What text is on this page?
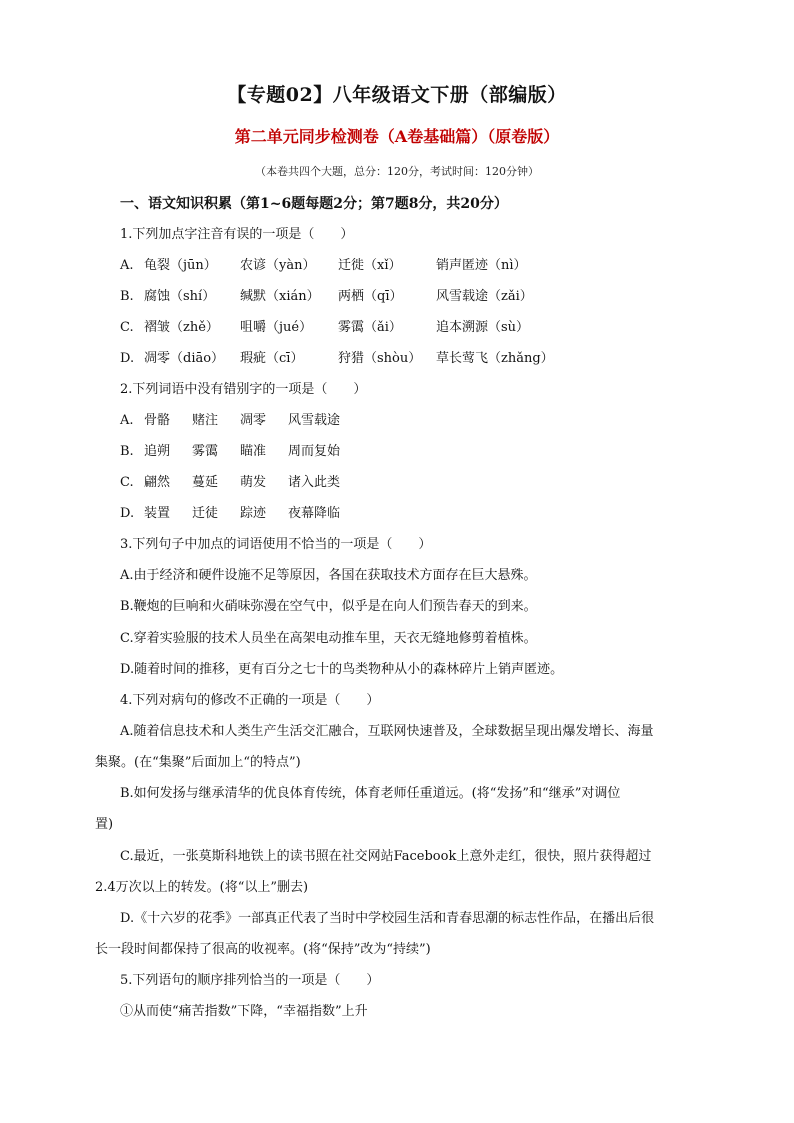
【专题02】八年级语文下册（部编版）
第二单元同步检测卷（A卷基础篇）（原卷版）
（本卷共四个大题，总分：120分，考试时间：120分钟）
一、语文知识积累（第1~6题每题2分；第7题8分，共20分）
1.下列加点字注音有误的一项是（　　）
A. 龟裂（jūn） 农谚（yàn） 迁徙（xǐ）	销声匿迹（nì）
B. 腐蚀（shí） 缄默（xián） 两栖（qī）	风雪载途（zǎi）
C. 褶皱（zhě） 咀嚼（jué） 雾霭（ǎi）	追本溯源（sù）
D. 凋零（diāo） 瑕疵（cī）	狩猎（shòu） 草长莺飞（zhǎng）
2.下列词语中没有错别字的一项是（　　）
A. 骨骼 赌注 凋零 风雪载途
B. 追朔 雾霭 瞄准 周而复始
C. 翩然 蔓延 萌发 诸入此类
D. 装置 迁徒 踪迹 夜幕降临
3.下列句子中加点的词语使用不恰当的一项是（　　）
A.由于经济和硬件设施不足等原因，各国在获取技术方面存在巨大悬殊。
B.鞭炮的巨响和火硝味弥漫在空气中，似乎是在向人们预告春天的到来。
C.穿着实验服的技术人员坐在高架电动推车里，天衣无缝地修剪着植株。
D.随着时间的推移，更有百分之七十的鸟类物种从小的森林碎片上销声匿迹。
4.下列对病句的修改不正确的一项是（　　）
A.随着信息技术和人类生产生活交汇融合，互联网快速普及，全球数据呈现出爆发增长、海量
集聚。(在“集聚”后面加上“的特点”)
B.如何发扬与继承清华的优良体育传统，体育老师任重道远。(将“发扬”和“继承”对调位
置)
C.最近，一张莫斯科地铁上的读书照在社交网站Facebook上意外走红，很快，照片获得超过
2.4万次以上的转发。(将“以上”删去)
D.《十六岁的花季》一部真正代表了当时中学校园生活和青春思潮的标志性作品，在播出后很
长一段时间都保持了很高的收视率。(将“保持”改为“持续”)
5.下列语句的顺序排列恰当的一项是（　　）
①从而使“痛苦指数”下降，“幸福指数”上升
